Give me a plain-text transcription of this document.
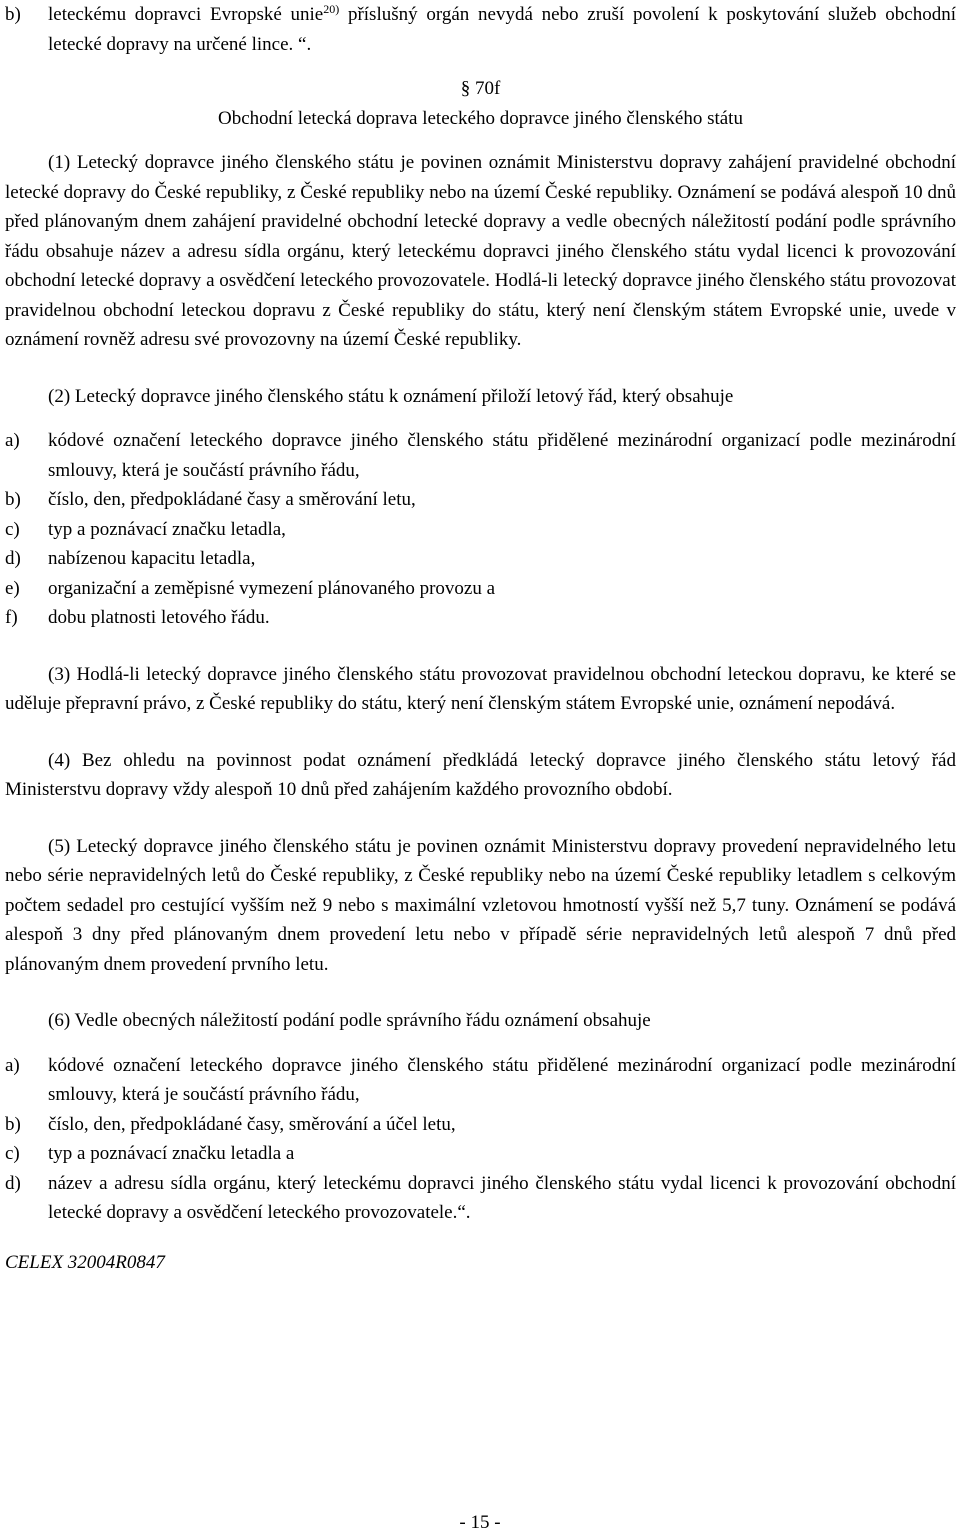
b)	leteckému dopravci Evropské unie$^{20)}$ příslušný orgán nevydá nebo zruší povolení k poskytování služeb obchodní letecké dopravy na určené lince. “.
§ 70f
Obchodní letecká doprava leteckého dopravce jiného členského státu

(1) Letecký dopravce jiného členského státu je povinen oznámit Ministerstvu dopravy zahájení pravidelné obchodní letecké dopravy do České republiky, z České republiky nebo na území České republiky. Oznámení se podává alespoň 10 dnů před plánovaným dnem zahájení pravidelné obchodní letecké dopravy a vedle obecných náležitostí podání podle správního řádu obsahuje název a adresu sídla orgánu, který leteckému dopravci jiného členského státu vydal licenci k provozování obchodní letecké dopravy a osvědčení leteckého provozovatele. Hodlá-li letecký dopravce jiného členského státu provozovat pravidelnou obchodní leteckou dopravu z České republiky do státu, který není členským státem Evropské unie, uvede v oznámení rovněž adresu své provozovny na území České republiky.

(2) Letecký dopravce jiného členského státu k oznámení přiloží letový řád, který obsahuje

a)	kódové označení leteckého dopravce jiného členského státu přidělené mezinárodní organizací podle mezinárodní smlouvy, která je součástí právního řádu,
b)	číslo, den, předpokládané časy a směrování letu,
c)	typ a poznávací značku letadla,
d)	nabízenou kapacitu letadla,
e)	organizační a zeměpisné vymezení plánovaného provozu a
f)	dobu platnosti letového řádu.

(3) Hodlá-li letecký dopravce jiného členského státu provozovat pravidelnou obchodní leteckou dopravu, ke které se uděluje přepravní právo, z České republiky do státu, který není členským státem Evropské unie, oznámení nepodává.

(4) Bez ohledu na povinnost podat oznámení předkládá letecký dopravce jiného členského státu letový řád Ministerstvu dopravy vždy alespoň 10 dnů před zahájením každého provozního období.

(5) Letecký dopravce jiného členského státu je povinen oznámit Ministerstvu dopravy provedení nepravidelného letu nebo série nepravidelných letů do České republiky, z České republiky nebo na území České republiky letadlem s celkovým počtem sedadel pro cestující vyšším než 9 nebo s maximální vzletovou hmotností vyšší než 5,7 tuny. Oznámení se podává alespoň 3 dny před plánovaným dnem provedení letu nebo v případě série nepravidelných letů alespoň 7 dnů před plánovaným dnem provedení prvního letu.

(6) Vedle obecných náležitostí podání podle správního řádu oznámení obsahuje

a)	kódové označení leteckého dopravce jiného členského státu přidělené mezinárodní organizací podle mezinárodní smlouvy, která je součástí právního řádu,
b)	číslo, den, předpokládané časy, směrování a účel letu,
c)	typ a poznávací značku letadla a
d)	název a adresu sídla orgánu, který leteckému dopravci jiného členského státu vydal licenci k provozování obchodní letecké dopravy a osvědčení leteckého provozovatele.“.
CELEX 32004R0847
- 15 -
